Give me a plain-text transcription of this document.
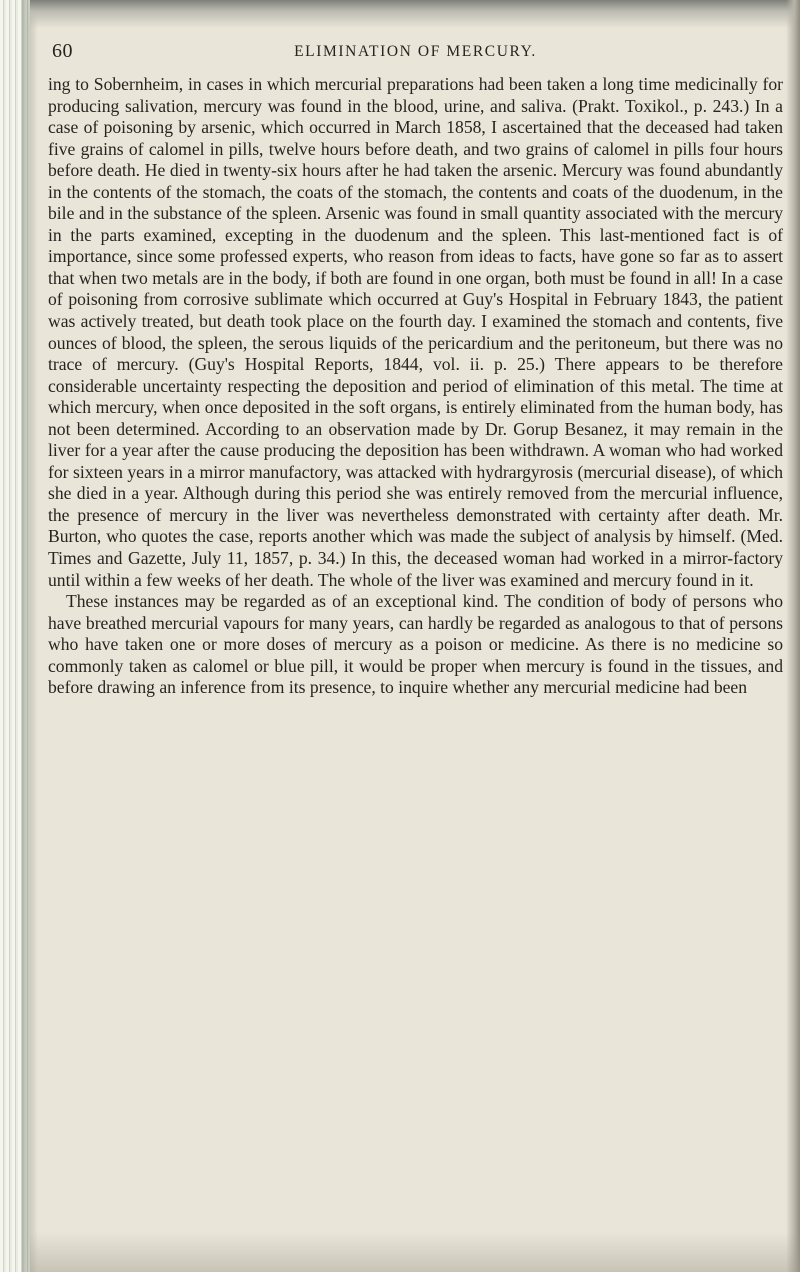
60	ELIMINATION OF MERCURY.

ing to Sobernheim, in cases in which mercurial preparations had been taken a long time medicinally for producing salivation, mercury was found in the blood, urine, and saliva. (Prakt. Toxikol., p. 243.) In a case of poisoning by arsenic, which occurred in March 1858, I ascertained that the deceased had taken five grains of calomel in pills, twelve hours before death, and two grains of calomel in pills four hours before death. He died in twenty-six hours after he had taken the arsenic. Mercury was found abundantly in the contents of the stomach, the coats of the stomach, the contents and coats of the duodenum, in the bile and in the substance of the spleen. Arsenic was found in small quantity associated with the mercury in the parts examined, excepting in the duodenum and the spleen. This last-mentioned fact is of importance, since some professed experts, who reason from ideas to facts, have gone so far as to assert that when two metals are in the body, if both are found in one organ, both must be found in all! In a case of poisoning from corrosive sublimate which occurred at Guy's Hospital in February 1843, the patient was actively treated, but death took place on the fourth day. I examined the stomach and contents, five ounces of blood, the spleen, the serous liquids of the pericardium and the peritoneum, but there was no trace of mercury. (Guy's Hospital Reports, 1844, vol. ii. p. 25.) There appears to be therefore considerable uncertainty respecting the deposition and period of elimination of this metal. The time at which mercury, when once deposited in the soft organs, is entirely eliminated from the human body, has not been determined. According to an observation made by Dr. Gorup Besanez, it may remain in the liver for a year after the cause producing the deposition has been withdrawn. A woman who had worked for sixteen years in a mirror manufactory, was attacked with hydrargyrosis (mercurial disease), of which she died in a year. Although during this period she was entirely removed from the mercurial influence, the presence of mercury in the liver was nevertheless demonstrated with certainty after death. Mr. Burton, who quotes the case, reports another which was made the subject of analysis by himself. (Med. Times and Gazette, July 11, 1857, p. 34.) In this, the deceased woman had worked in a mirror-factory until within a few weeks of her death. The whole of the liver was examined and mercury found in it.

These instances may be regarded as of an exceptional kind. The condition of body of persons who have breathed mercurial vapours for many years, can hardly be regarded as analogous to that of persons who have taken one or more doses of mercury as a poison or medicine. As there is no medicine so commonly taken as calomel or blue pill, it would be proper when mercury is found in the tissues, and before drawing an inference from its presence, to inquire whether any mercurial medicine had been
